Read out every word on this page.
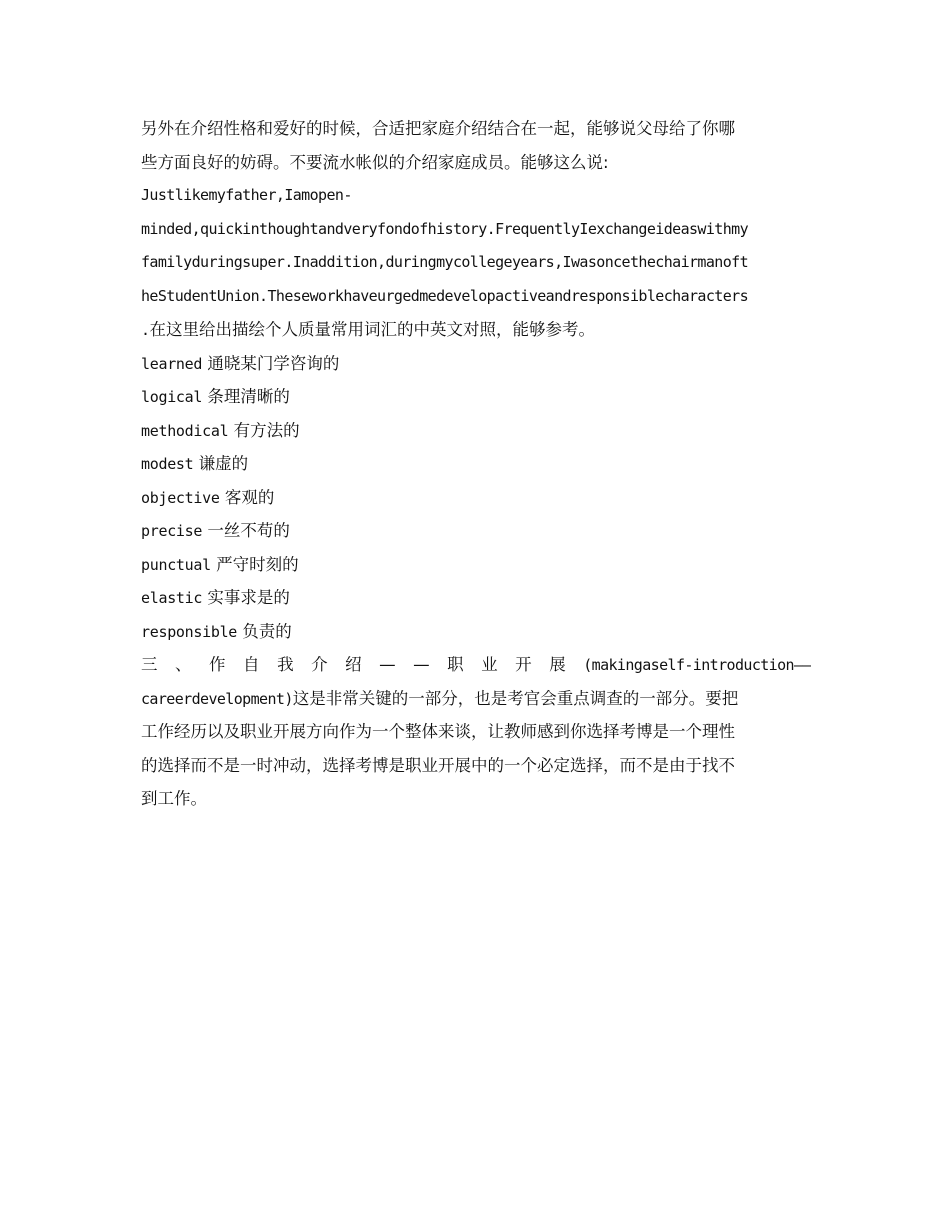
另外在介绍性格和爱好的时候，合适把家庭介绍结合在一起，能够说父母给了你哪
些方面良好的妨碍。不要流水帐似的介绍家庭成员。能够这么说:
Justlikemyfather,Iamopen-
minded,quickinthoughtandveryfondofhistory.FrequentlyIexchangeideaswithmy
familyduringsuper.Inaddition,duringmycollegeyears,Iwasoncethechairmanoft
heStudentUnion.Theseworkhaveurgedmedevelopactiveandresponsiblecharacters
.在这里给出描绘个人质量常用词汇的中英文对照，能够参考。
learned 通晓某门学咨询的
logical 条理清晰的
methodical 有方法的
modest 谦虚的
objective 客观的
precise 一丝不苟的
punctual 严守时刻的
elastic 实事求是的
responsible 负责的
三 、 作 自 我 介 绍 — — 职 业 开 展 (makingaself-introduction——
careerdevelopment)这是非常关键的一部分，也是考官会重点调查的一部分。要把
工作经历以及职业开展方向作为一个整体来谈，让教师感到你选择考博是一个理性
的选择而不是一时冲动，选择考博是职业开展中的一个必定选择，而不是由于找不
到工作。
